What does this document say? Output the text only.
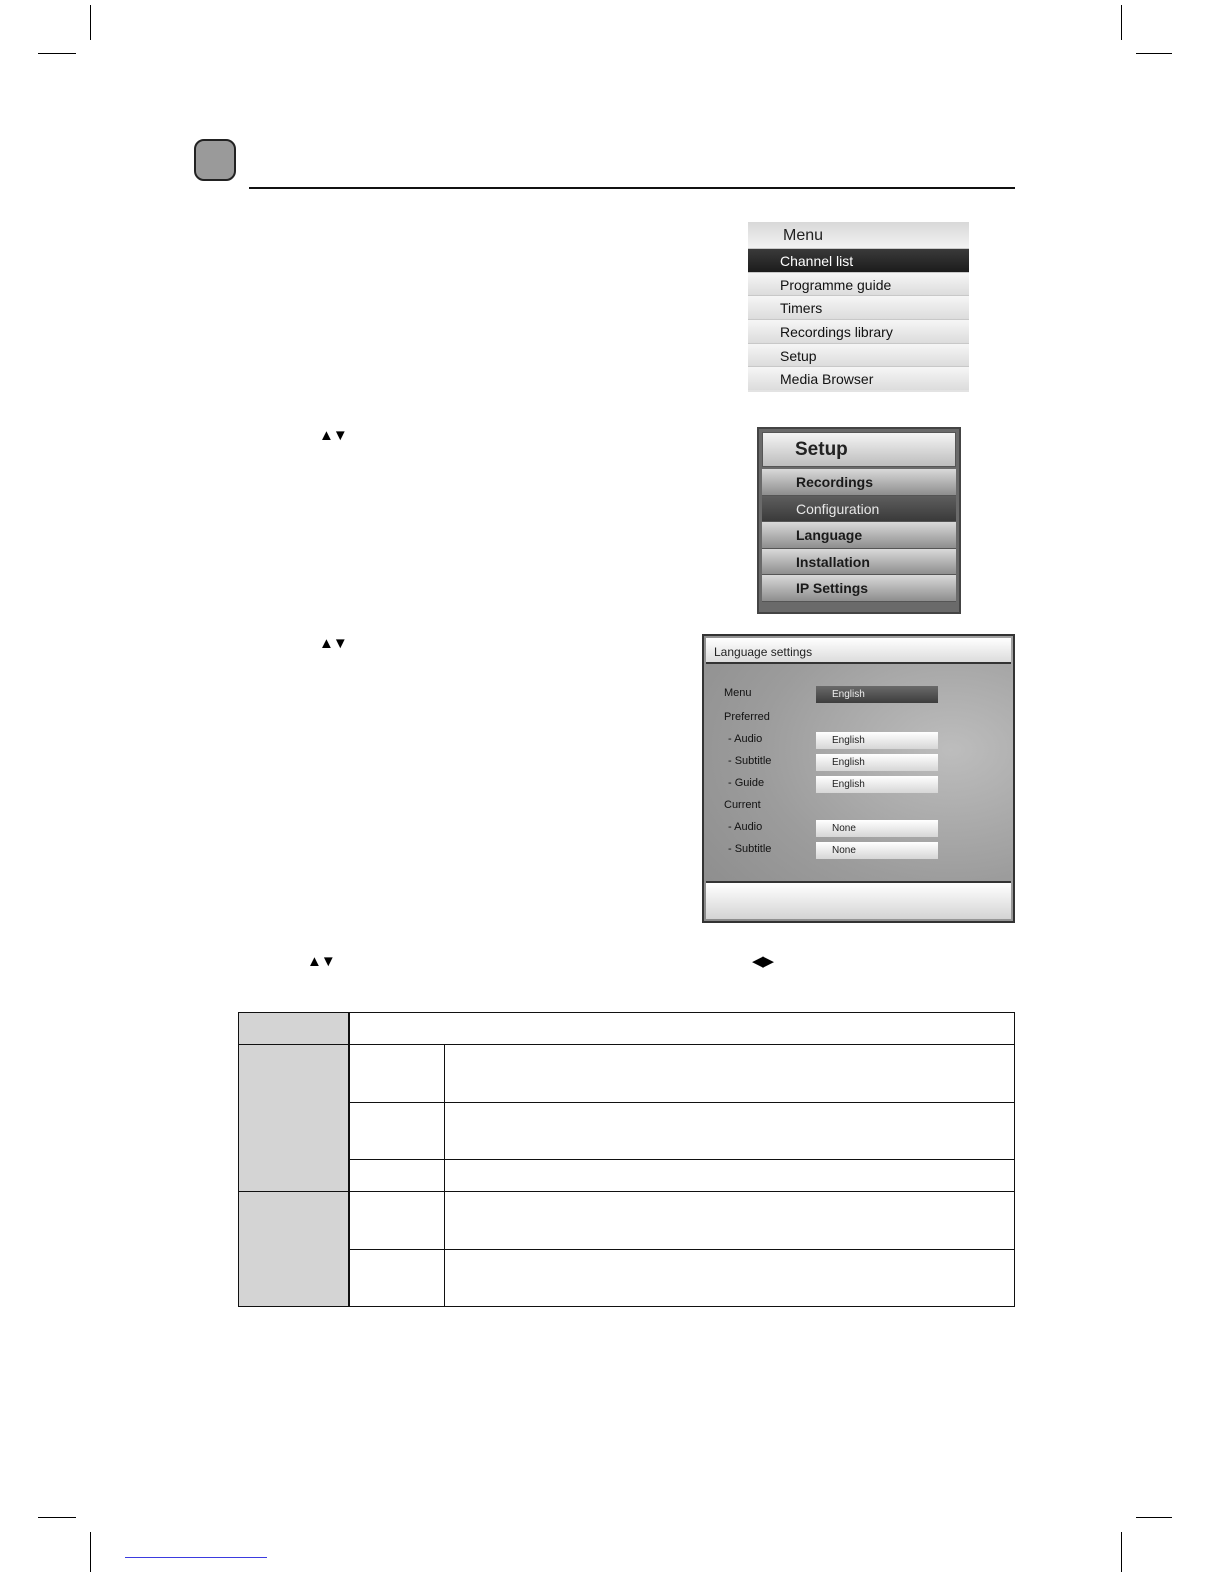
Menu
Channel list
Programme guide
Timers
Recordings library
Setup
Media Browser
▲▼
Setup
Recordings
Configuration
Language
Installation
IP Settings
▲▼	Language settings
Menu	English
Preferred
- Audio	English
- Subtitle	English
- Guide	English
Current
- Audio	None
- Subtitle	None
▲▼	◀▶
